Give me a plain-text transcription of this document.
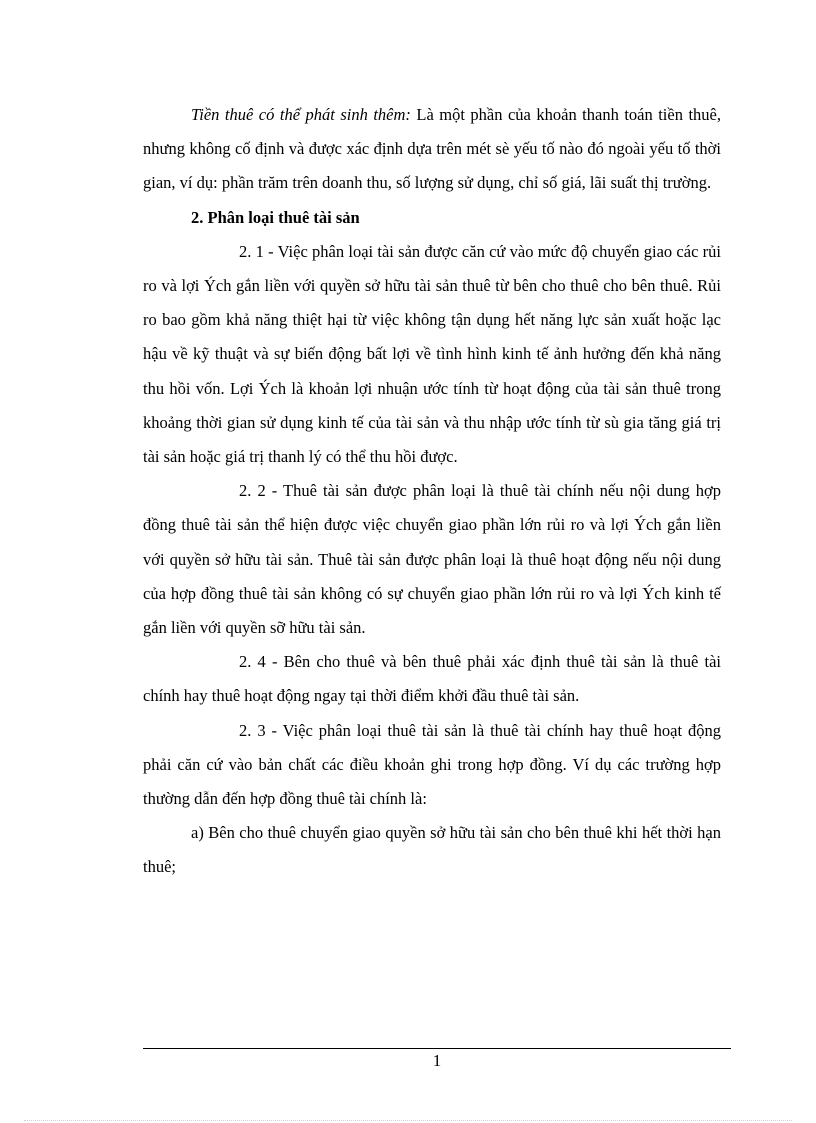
Tiền thuê có thể phát sinh thêm: Là một phần của khoản thanh toán tiền thuê, nhưng không cố định và được xác định dựa trên mét sè yếu tố nào đó ngoài yếu tố thời gian, ví dụ: phần trăm trên doanh thu, số lượng sử dụng, chỉ số giá, lãi suất thị trường.

2. Phân loại thuê tài sản

2. 1 - Việc phân loại tài sản được căn cứ vào mức độ chuyển giao các rủi ro và lợi Ých gắn liền với quyền sở hữu tài sản thuê từ bên cho thuê cho bên thuê. Rủi ro bao gồm khả năng thiệt hại từ việc không tận dụng hết năng lực sản xuất hoặc lạc hậu về kỹ thuật và sự biến động bất lợi về tình hình kinh tế ảnh hưởng đến khả năng thu hồi vốn. Lợi Ých là khoản lợi nhuận ước tính từ hoạt động của tài sản thuê trong khoảng thời gian sử dụng kinh tế của tài sản và thu nhập ước tính từ sù gia tăng giá trị tài sản hoặc giá trị thanh lý có thể thu hồi được.

2. 2 - Thuê tài sản được phân loại là thuê tài chính nếu nội dung hợp đồng thuê tài sản thể hiện được việc chuyển giao phần lớn rủi ro và lợi Ých gắn liền với quyền sở hữu tài sản. Thuê tài sản được phân loại là thuê hoạt động nếu nội dung của hợp đồng thuê tài sản không có sự chuyển giao phần lớn rủi ro và lợi Ých kinh tế gắn liền với quyền sỡ hữu tài sản.

2. 4 - Bên cho thuê và bên thuê phải xác định thuê tài sản là thuê tài chính hay thuê hoạt động ngay tại thời điểm khởi đầu thuê tài sản.

2. 3 - Việc phân loại thuê tài sản là thuê tài chính hay thuê hoạt động phải căn cứ vào bản chất các điều khoản ghi trong hợp đồng. Ví dụ các trường hợp thường dẫn đến hợp đồng thuê tài chính là:

a) Bên cho thuê chuyển giao quyền sở hữu tài sản cho bên thuê khi hết thời hạn thuê;

1
